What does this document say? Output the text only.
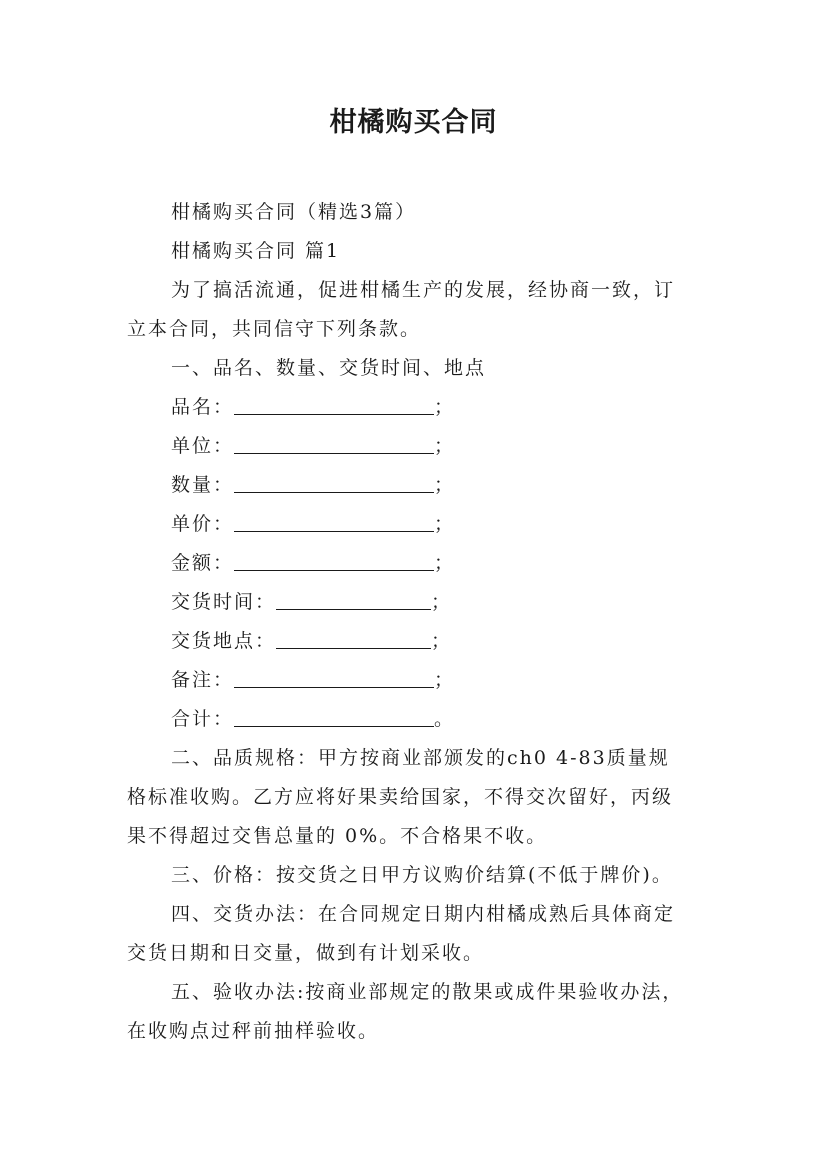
柑橘购买合同
柑橘购买合同（精选3篇）
柑橘购买合同 篇1
为了搞活流通，促进柑橘生产的发展，经协商一致，订
立本合同，共同信守下列条款。
一、品名、数量、交货时间、地点
品名：	；
单位：	；
数量：	；
单价：	；
金额：	；
交货时间：	；
交货地点：	；
备注：	；
合计：	。
二、品质规格：甲方按商业部颁发的ch0 4-83质量规
格标准收购。乙方应将好果卖给国家，不得交次留好，丙级
果不得超过交售总量的 0%。不合格果不收。
三、价格：按交货之日甲方议购价结算(不低于牌价)。
四、交货办法：在合同规定日期内柑橘成熟后具体商定
交货日期和日交量，做到有计划采收。
五、验收办法:按商业部规定的散果或成件果验收办法，
在收购点过秤前抽样验收。
